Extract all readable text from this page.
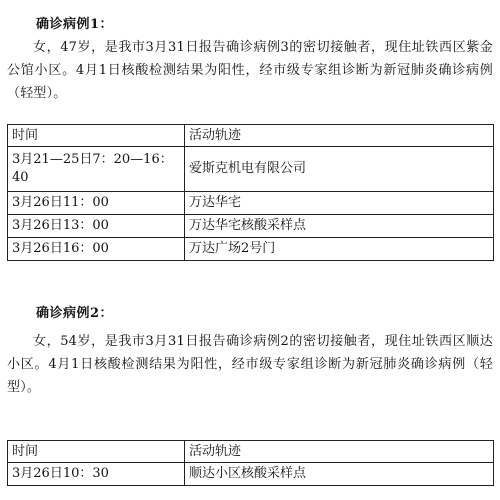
确诊病例1：
女，47岁，是我市3月31日报告确诊病例3的密切接触者，现住址铁西区紫金公馆小区。4月1日核酸检测结果为阳性，经市级专家组诊断为新冠肺炎确诊病例（轻型）。
时间	活动轨迹
3月21—25日7：20—16：40	爱斯克机电有限公司
3月26日11：00	万达华宅
3月26日13：00	万达华宅核酸采样点
3月26日16：00	万达广场2号门
确诊病例2：
女，54岁，是我市3月31日报告确诊病例2的密切接触者，现住址铁西区顺达小区。4月1日核酸检测结果为阳性，经市级专家组诊断为新冠肺炎确诊病例（轻型）。
时间	活动轨迹
3月26日10：30	顺达小区核酸采样点
